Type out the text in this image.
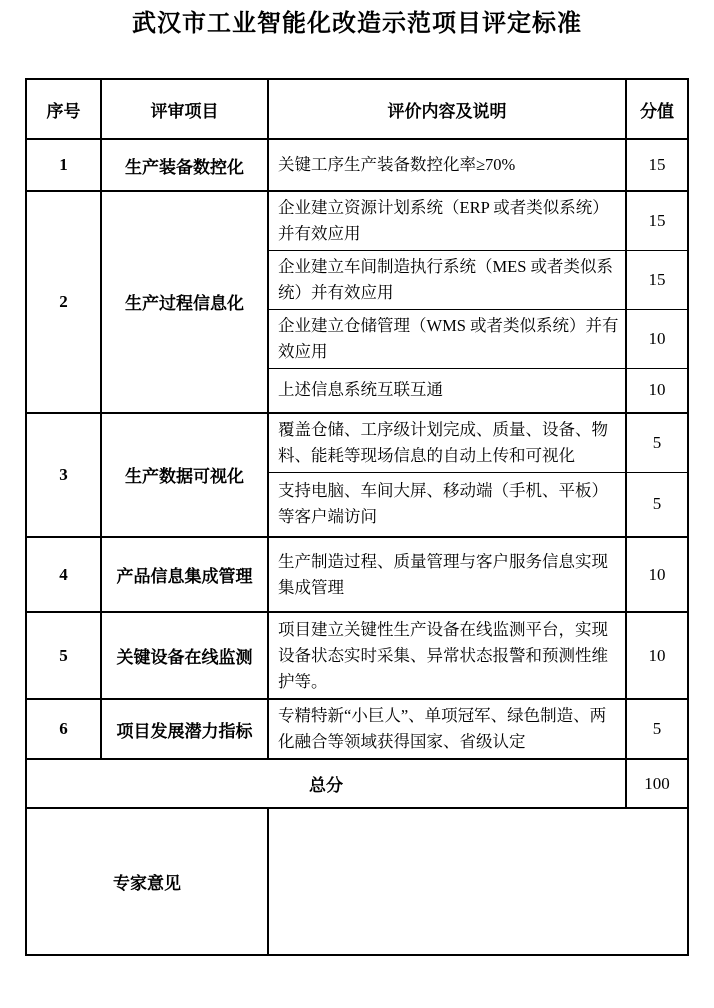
武汉市工业智能化改造示范项目评定标准
序号	评审项目	评价内容及说明	分值
1	生产装备数控化	关键工序生产装备数控化率≥70%	15
2	生产过程信息化	企业建立资源计划系统（ERP 或者类似系统）并有效应用	15
		企业建立车间制造执行系统（MES 或者类似系统）并有效应用	15
		企业建立仓储管理（WMS 或者类似系统）并有效应用	10
		上述信息系统互联互通	10
3	生产数据可视化	覆盖仓储、工序级计划完成、质量、设备、物料、能耗等现场信息的自动上传和可视化	5
		支持电脑、车间大屏、移动端（手机、平板）等客户端访问	5
4	产品信息集成管理	生产制造过程、质量管理与客户服务信息实现集成管理	10
5	关键设备在线监测	项目建立关键性生产设备在线监测平台，实现设备状态实时采集、异常状态报警和预测性维护等。	10
6	项目发展潜力指标	专精特新“小巨人”、单项冠军、绿色制造、两化融合等领域获得国家、省级认定	5
总分			100
专家意见			
